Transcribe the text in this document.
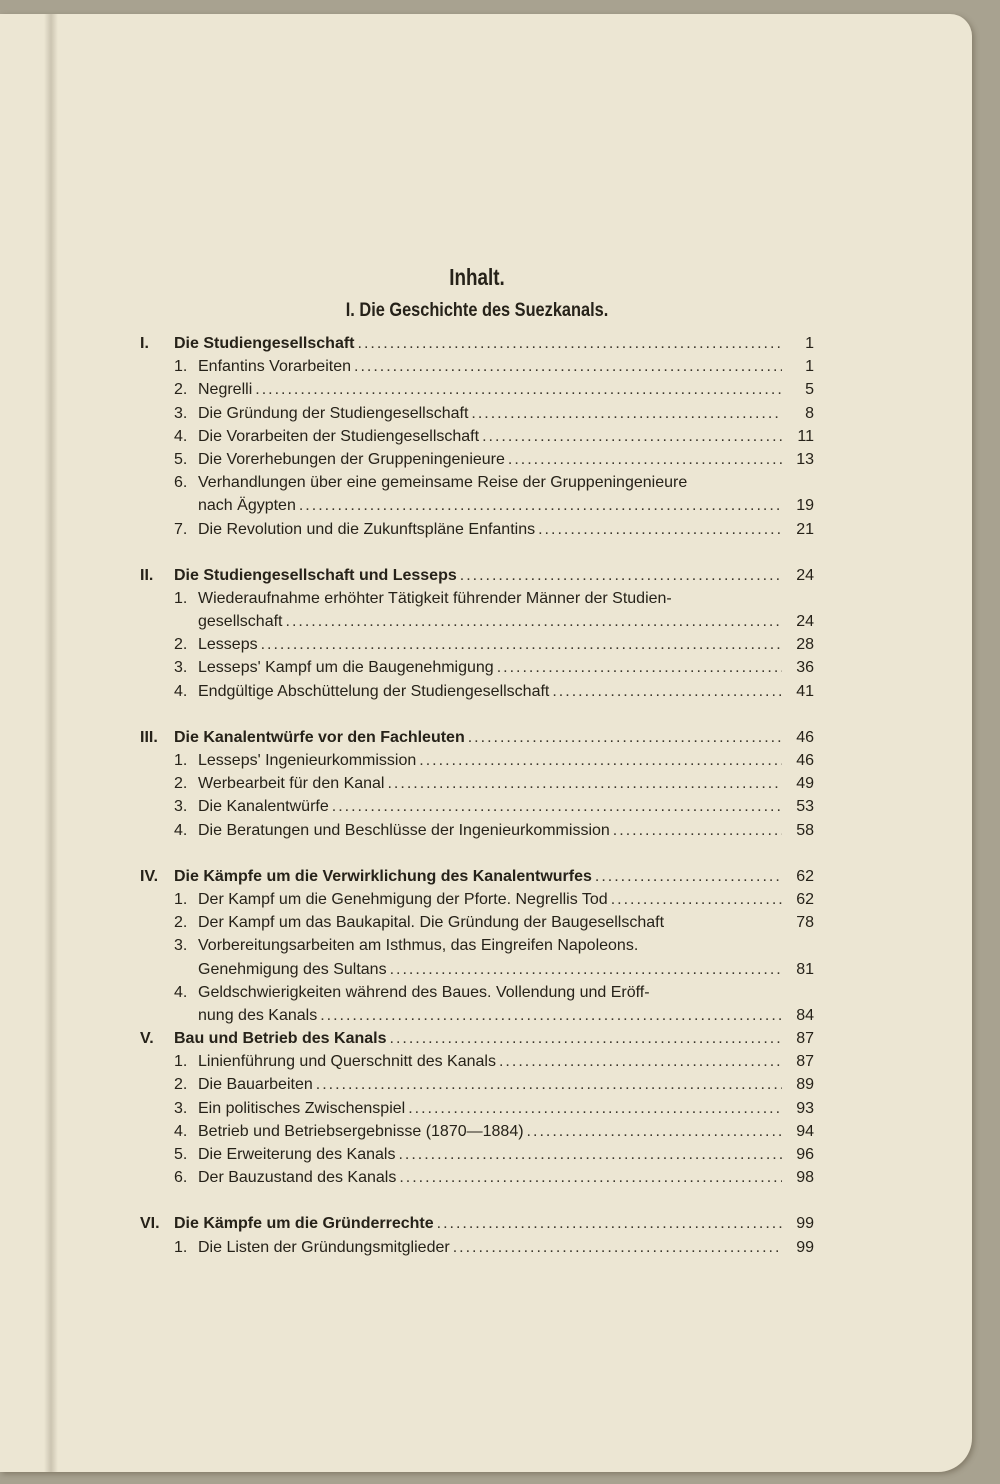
Inhalt.
I. Die Geschichte des Suezkanals.
I.	Die Studiengesellschaft .....	1
1. Enfantins Vorarbeiten .....	1
2. Negrelli .....	5
3. Die Gründung der Studiengesellschaft .....	8
4. Die Vorarbeiten der Studiengesellschaft .....	11
5. Die Vorerhebungen der Gruppeningenieure .....	13
6. Verhandlungen über eine gemeinsame Reise der Gruppeningenieure
nach Ägypten .....	19
7. Die Revolution und die Zukunftspläne Enfantins .....	21
II.	Die Studiengesellschaft und Lesseps .....	24
1. Wiederaufnahme erhöhter Tätigkeit führender Männer der Studien-
gesellschaft .....	24
2. Lesseps .....	28
3. Lesseps' Kampf um die Baugenehmigung .....	36
4. Endgültige Abschüttelung der Studiengesellschaft .....	41
III.	Die Kanalentwürfe vor den Fachleuten .....	46
1. Lesseps' Ingenieurkommission .....	46
2. Werbearbeit für den Kanal .....	49
3. Die Kanalentwürfe .....	53
4. Die Beratungen und Beschlüsse der Ingenieurkommission .....	58
IV. Die Kämpfe um die Verwirklichung des Kanalentwurfes .....	62
1. Der Kampf um die Genehmigung der Pforte. Negrellis Tod .....	62
2. Der Kampf um das Baukapital. Die Gründung der Baugesellschaft	78
3. Vorbereitungsarbeiten am Isthmus, das Eingreifen Napoleons.
Genehmigung des Sultans .....	81
4. Geldschwierigkeiten während des Baues. Vollendung und Eröff-
nung des Kanals .....	84
V.	Bau und Betrieb des Kanals .....	87
1. Linienführung und Querschnitt des Kanals .....	87
2. Die Bauarbeiten .....	89
3. Ein politisches Zwischenspiel .....	93
4. Betrieb und Betriebsergebnisse (1870—1884) .....	94
5. Die Erweiterung des Kanals .....	96
6. Der Bauzustand des Kanals .....	98
VI. Die Kämpfe um die Gründerrechte .....	99
1. Die Listen der Gründungsmitglieder .....	99
